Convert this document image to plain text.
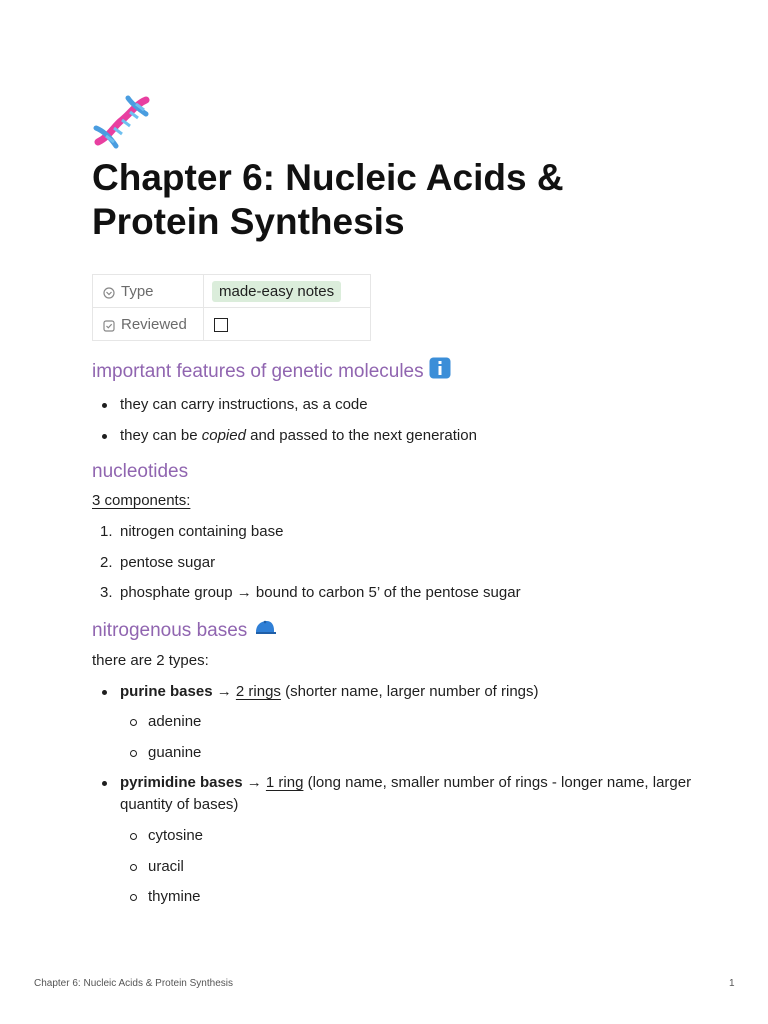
Chapter 6: Nucleic Acids & Protein Synthesis
Type	made-easy notes
Reviewed	
important features of genetic molecules
they can carry instructions, as a code
they can be copied and passed to the next generation
nucleotides
3 components:
1. nitrogen containing base
2. pentose sugar
3. phosphate group → bound to carbon 5’ of the pentose sugar
nitrogenous bases
there are 2 types:
purine bases → 2 rings (shorter name, larger number of rings)
adenine
guanine
pyrimidine bases → 1 ring (long name, smaller number of rings - longer name, larger quantity of bases)
cytosine
uracil
thymine
Chapter 6: Nucleic Acids & Protein Synthesis	1
